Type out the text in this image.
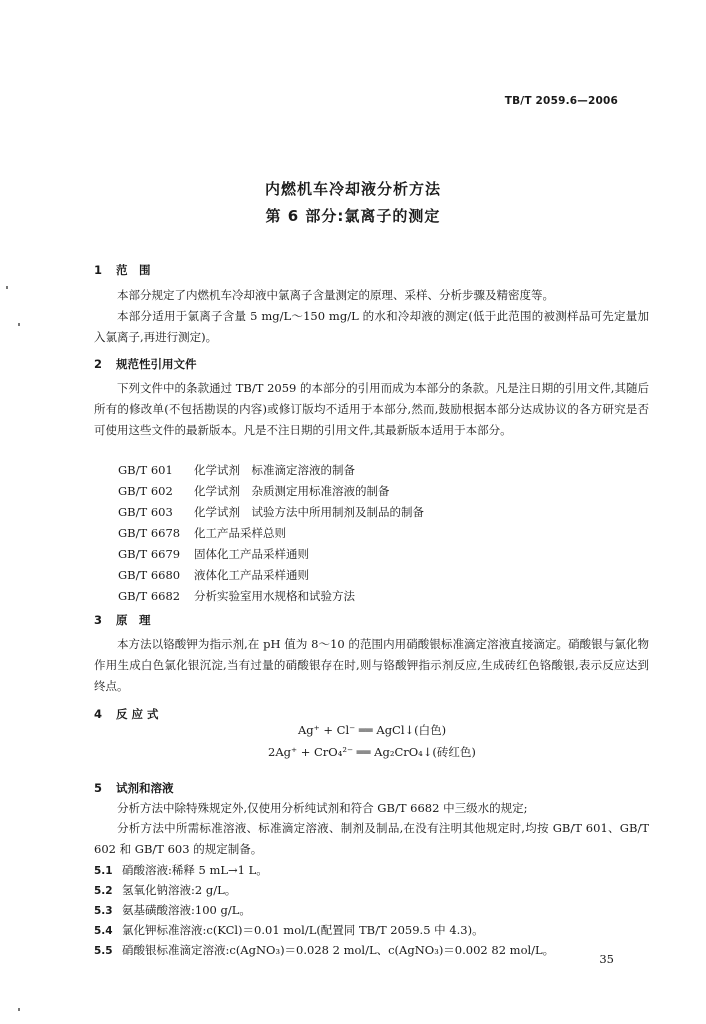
TB/T 2059.6—2006
内燃机车冷却液分析方法
第 6 部分:氯离子的测定
1 范　围
本部分规定了内燃机车冷却液中氯离子含量测定的原理、采样、分析步骤及精密度等。
本部分适用于氯离子含量 5 mg/L～150 mg/L 的水和冷却液的测定(低于此范围的被测样品可先定量加入氯离子,再进行测定)。
2 规范性引用文件
下列文件中的条款通过 TB/T 2059 的本部分的引用而成为本部分的条款。凡是注日期的引用文件,其随后所有的修改单(不包括勘误的内容)或修订版均不适用于本部分,然而,鼓励根据本部分达成协议的各方研究是否可使用这些文件的最新版本。凡是不注日期的引用文件,其最新版本适用于本部分。
GB/T 601 化学试剂　标准滴定溶液的制备
GB/T 602 化学试剂　杂质测定用标准溶液的制备
GB/T 603 化学试剂　试验方法中所用制剂及制品的制备
GB/T 6678 化工产品采样总则
GB/T 6679 固体化工产品采样通则
GB/T 6680 液体化工产品采样通则
GB/T 6682 分析实验室用水规格和试验方法
3 原　理
本方法以铬酸钾为指示剂,在 pH 值为 8～10 的范围内用硝酸银标准滴定溶液直接滴定。硝酸银与氯化物作用生成白色氯化银沉淀,当有过量的硝酸银存在时,则与铬酸钾指示剂反应,生成砖红色铬酸银,表示反应达到终点。
4 反 应 式
Ag⁺ + Cl⁻ ══ AgCl↓(白色)
2Ag⁺ + CrO₄²⁻ ══ Ag₂CrO₄↓(砖红色)
5 试剂和溶液
分析方法中除特殊规定外,仅使用分析纯试剂和符合 GB/T 6682 中三级水的规定;
分析方法中所需标准溶液、标准滴定溶液、制剂及制品,在没有注明其他规定时,均按 GB/T 601、GB/T 602 和 GB/T 603 的规定制备。
5.1 硝酸溶液:稀释 5 mL→1 L。
5.2 氢氧化钠溶液:2 g/L。
5.3 氨基磺酸溶液:100 g/L。
5.4 氯化钾标准溶液:c(KCl)＝0.01 mol/L(配置同 TB/T 2059.5 中 4.3)。
5.5 硝酸银标准滴定溶液:c(AgNO₃)＝0.028 2 mol/L、c(AgNO₃)＝0.002 82 mol/L。
35
